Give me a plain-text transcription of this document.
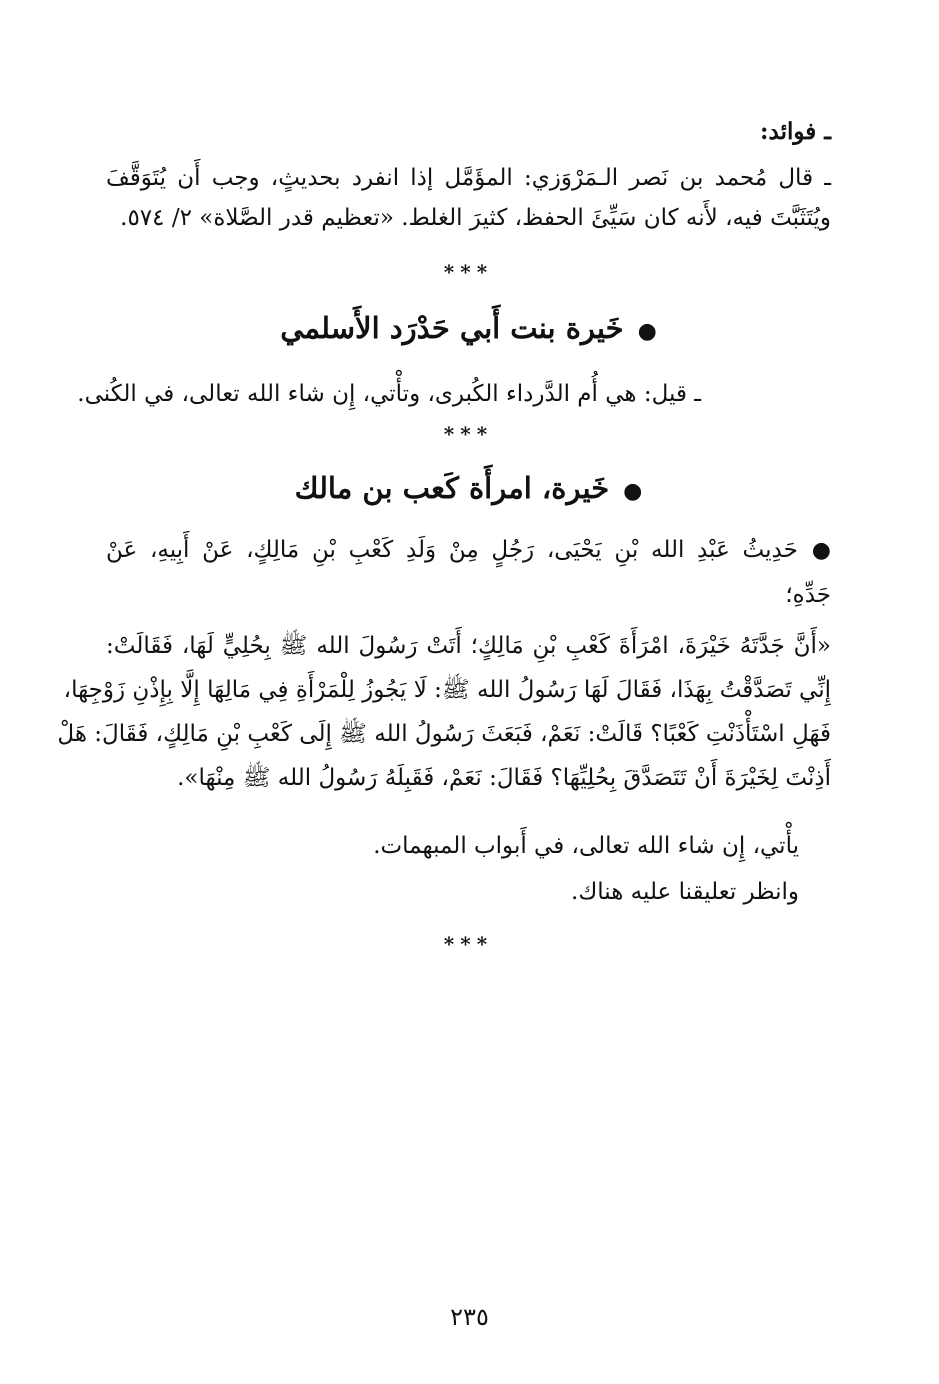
ـ فوائد:
ـ قال مُحمد بن نَصر الـمَرْوَزي: المؤَمَّل إذا انفرد بحديثٍ، وجب أَن يُتَوَقَّفَ
ويُتَثَبَّتَ فيه، لأَنه كان سَيِّئَ الحفظ، كثيرَ الغلط. «تعظيم قدر الصَّلاة» ٢/ ٥٧٤.
***
●خَيرة بنت أَبي حَدْرَد الأَسلمي
ـ قيل: هي أُم الدَّرداء الكُبرى، وتأْتي، إِن شاء الله تعالى، في الكُنى.
***
●خَيرة، امرأَة كَعب بن مالك
●حَدِيثُ عَبْدِ الله بْنِ يَحْيَى، رَجُلٍ مِنْ وَلَدِ كَعْبِ بْنِ مَالِكٍ، عَنْ أَبِيهِ، عَنْ
جَدِّهِ؛
«أَنَّ جَدَّتَهُ خَيْرَةَ، امْرَأَةَ كَعْبِ بْنِ مَالِكٍ؛ أَتَتْ رَسُولَ الله ﷺ بِحُلِيٍّ لَهَا، فَقَالَتْ:
إِنِّي تَصَدَّقْتُ بِهَذَا، فَقَالَ لَهَا رَسُولُ الله ﷺ: لَا يَجُوزُ لِلْمَرْأَةِ فِي مَالِهَا إِلَّا بِإِذْنِ زَوْجِهَا،
فَهَلِ اسْتَأْذَنْتِ كَعْبًا؟ قَالَتْ: نَعَمْ، فَبَعَثَ رَسُولُ الله ﷺ إِلَى كَعْبِ بْنِ مَالِكٍ، فَقَالَ: هَلْ
أَذِنْتَ لِخَيْرَةَ أَنْ تَتَصَدَّقَ بِحُلِيِّهَا؟ فَقَالَ: نَعَمْ، فَقَبِلَهُ رَسُولُ الله ﷺ مِنْهَا».
يأْتي، إِن شاء الله تعالى، في أَبواب المبهمات.
وانظر تعليقنا عليه هناك.
***
٢٣٥
